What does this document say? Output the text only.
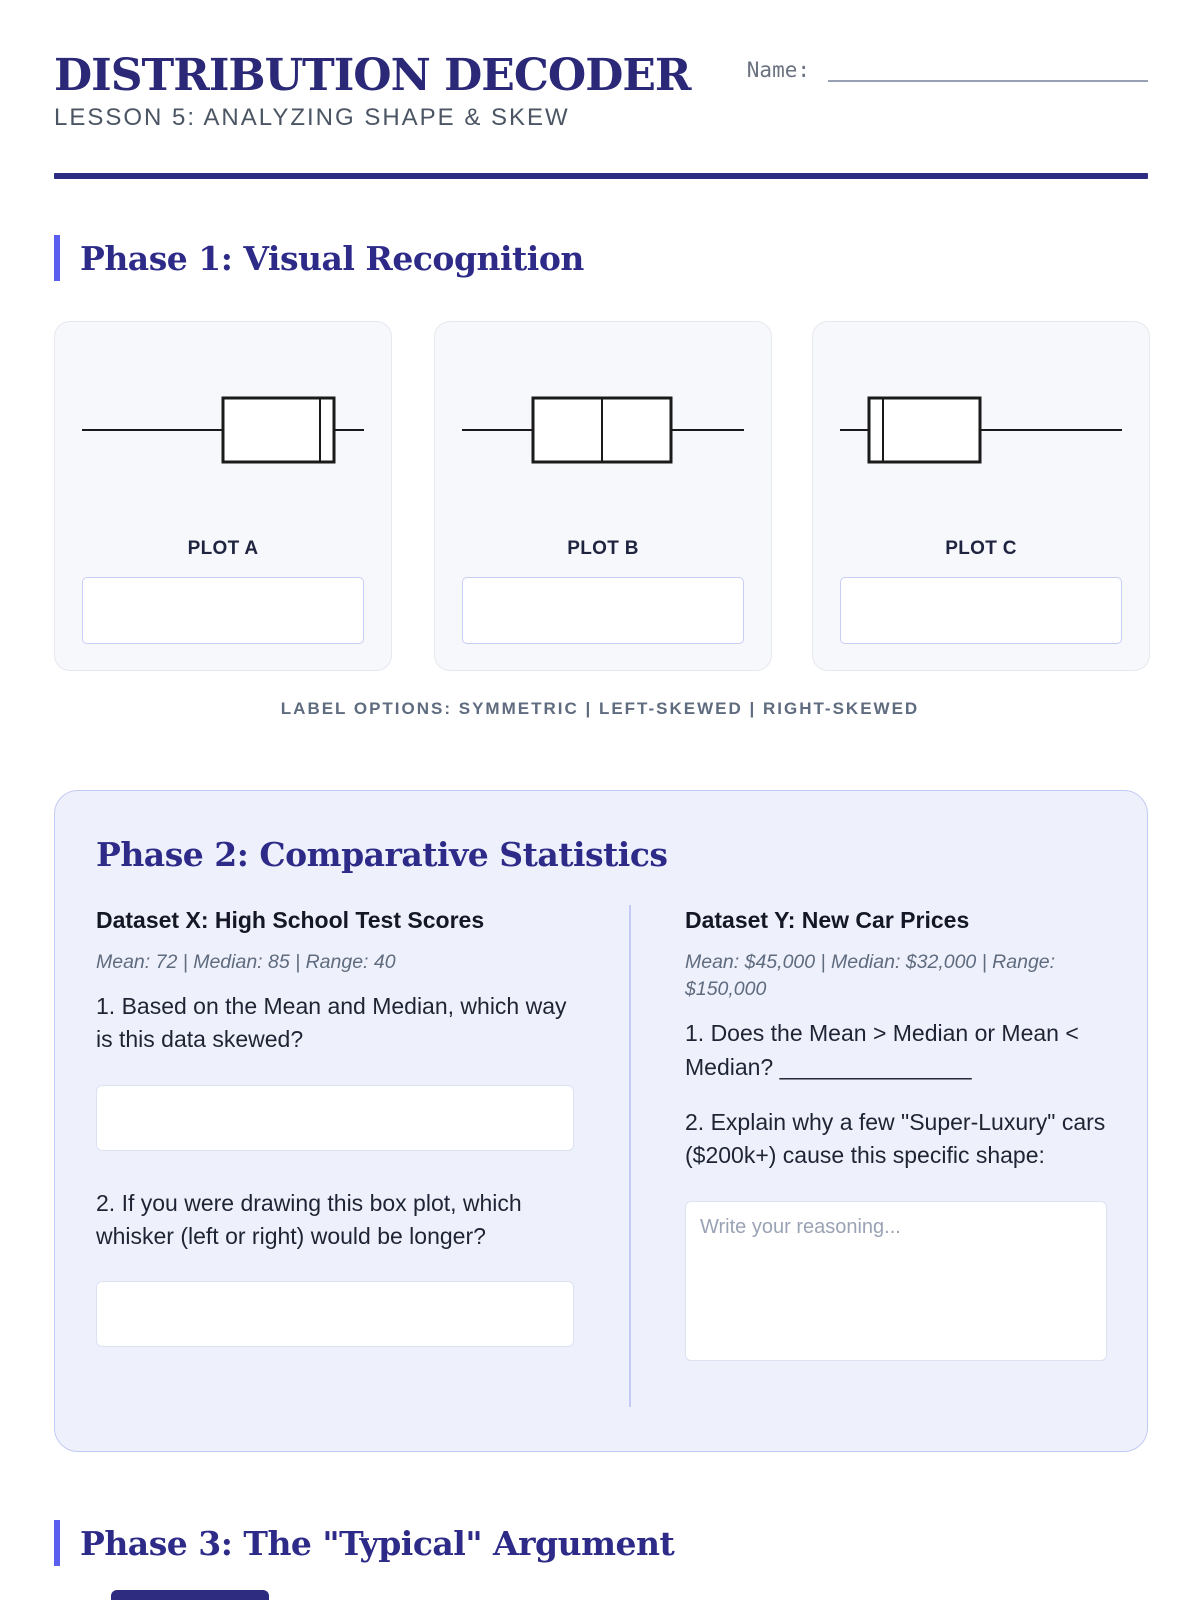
DISTRIBUTION DECODER
LESSON 5: ANALYZING SHAPE & SKEW
Name:
Phase 1: Visual Recognition
PLOT A	PLOT B	PLOT C
LABEL OPTIONS: SYMMETRIC | LEFT-SKEWED | RIGHT-SKEWED
Phase 2: Comparative Statistics
Dataset X: High School Test Scores
Mean: 72 | Median: 85 | Range: 40
1. Based on the Mean and Median, which way is this data skewed?
2. If you were drawing this box plot, which whisker (left or right) would be longer?
Dataset Y: New Car Prices
Mean: $45,000 | Median: $32,000 | Range: $150,000
1. Does the Mean > Median or Mean < Median? _______________
2. Explain why a few "Super-Luxury" cars ($200k+) cause this specific shape:
Write your reasoning...
Phase 3: The "Typical" Argument
